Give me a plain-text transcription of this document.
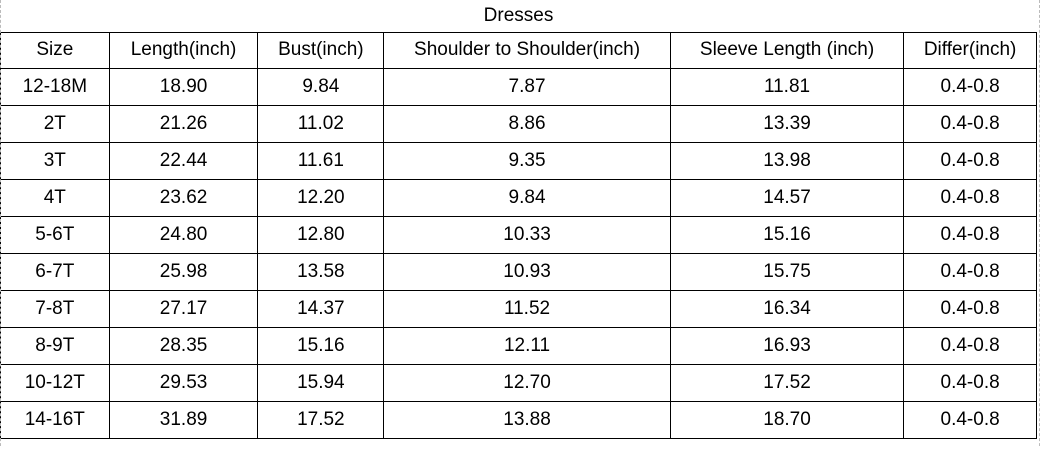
Dresses					
Size	Length(inch)	Bust(inch)	Shoulder to Shoulder(inch)	Sleeve Length (inch)	Differ(inch)
12-18M	18.90	9.84	7.87	11.81	0.4-0.8
2T	21.26	11.02	8.86	13.39	0.4-0.8
3T	22.44	11.61	9.35	13.98	0.4-0.8
4T	23.62	12.20	9.84	14.57	0.4-0.8
5-6T	24.80	12.80	10.33	15.16	0.4-0.8
6-7T	25.98	13.58	10.93	15.75	0.4-0.8
7-8T	27.17	14.37	11.52	16.34	0.4-0.8
8-9T	28.35	15.16	12.11	16.93	0.4-0.8
10-12T	29.53	15.94	12.70	17.52	0.4-0.8
14-16T	31.89	17.52	13.88	18.70	0.4-0.8
